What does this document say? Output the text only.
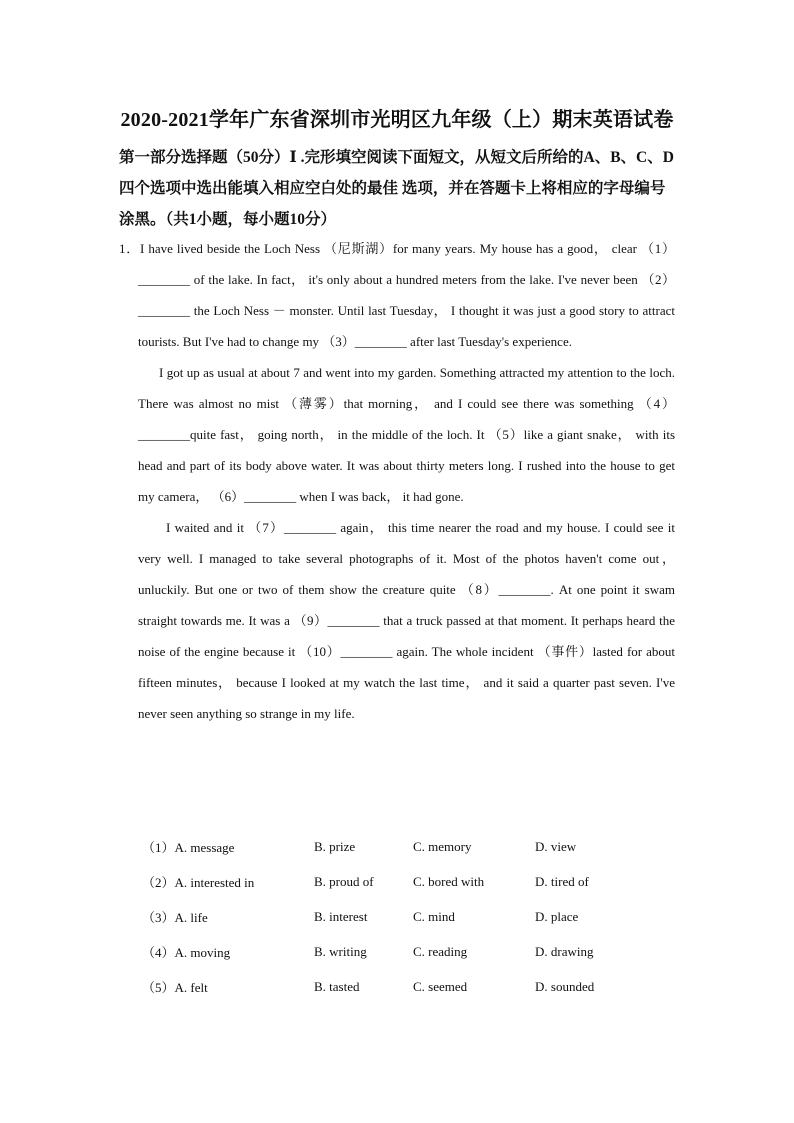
2020-2021学年广东省深圳市光明区九年级（上）期末英语试卷
第一部分选择题（50分）Ⅰ .完形填空阅读下面短文，从短文后所给的A、B、C、D四个选项中选出能填入相应空白处的最佳 选项，并在答题卡上将相应的字母编号涂黑。（共1小题，每小题10分）

1．I have lived beside the Loch Ness （尼斯湖）for many years. My house has a good， clear （1）________ of the lake. In fact， it's only about a hundred meters from the lake. I've never been （2）________ the Loch Ness － monster. Until last Tuesday， I thought it was just a good story to attract tourists. But I've had to change my （3）________ after last Tuesday's experience.

I got up as usual at about 7 and went into my garden. Something attracted my attention to the loch. There was almost no mist （薄雾）that morning， and I could see there was something （4）________quite fast， going north， in the middle of the loch. It （5）like a giant snake， with its head and part of its body above water. It was about thirty meters long. I rushed into the house to get my camera， （6）________ when I was back， it had gone.

I waited and it （7）________ again， this time nearer the road and my house. I could see it very well. I managed to take several photographs of it. Most of the photos haven't come out， unluckily. But one or two of them show the creature quite （8）________. At one point it swam straight towards me. It was a （9）________ that a truck passed at that moment. It perhaps heard the noise of the engine because it （10）________ again. The whole incident （事件）lasted for about fifteen minutes， because I looked at my watch the last time， and it said a quarter past seven. I've never seen anything so strange in my life.

（1）A. message	B. prize	C. memory	D. view
（2）A. interested in	B. proud of	C. bored with	D. tired of
（3）A. life	B. interest	C. mind	D. place
（4）A. moving	B. writing	C. reading	D. drawing
（5）A. felt	B. tasted	C. seemed	D. sounded
